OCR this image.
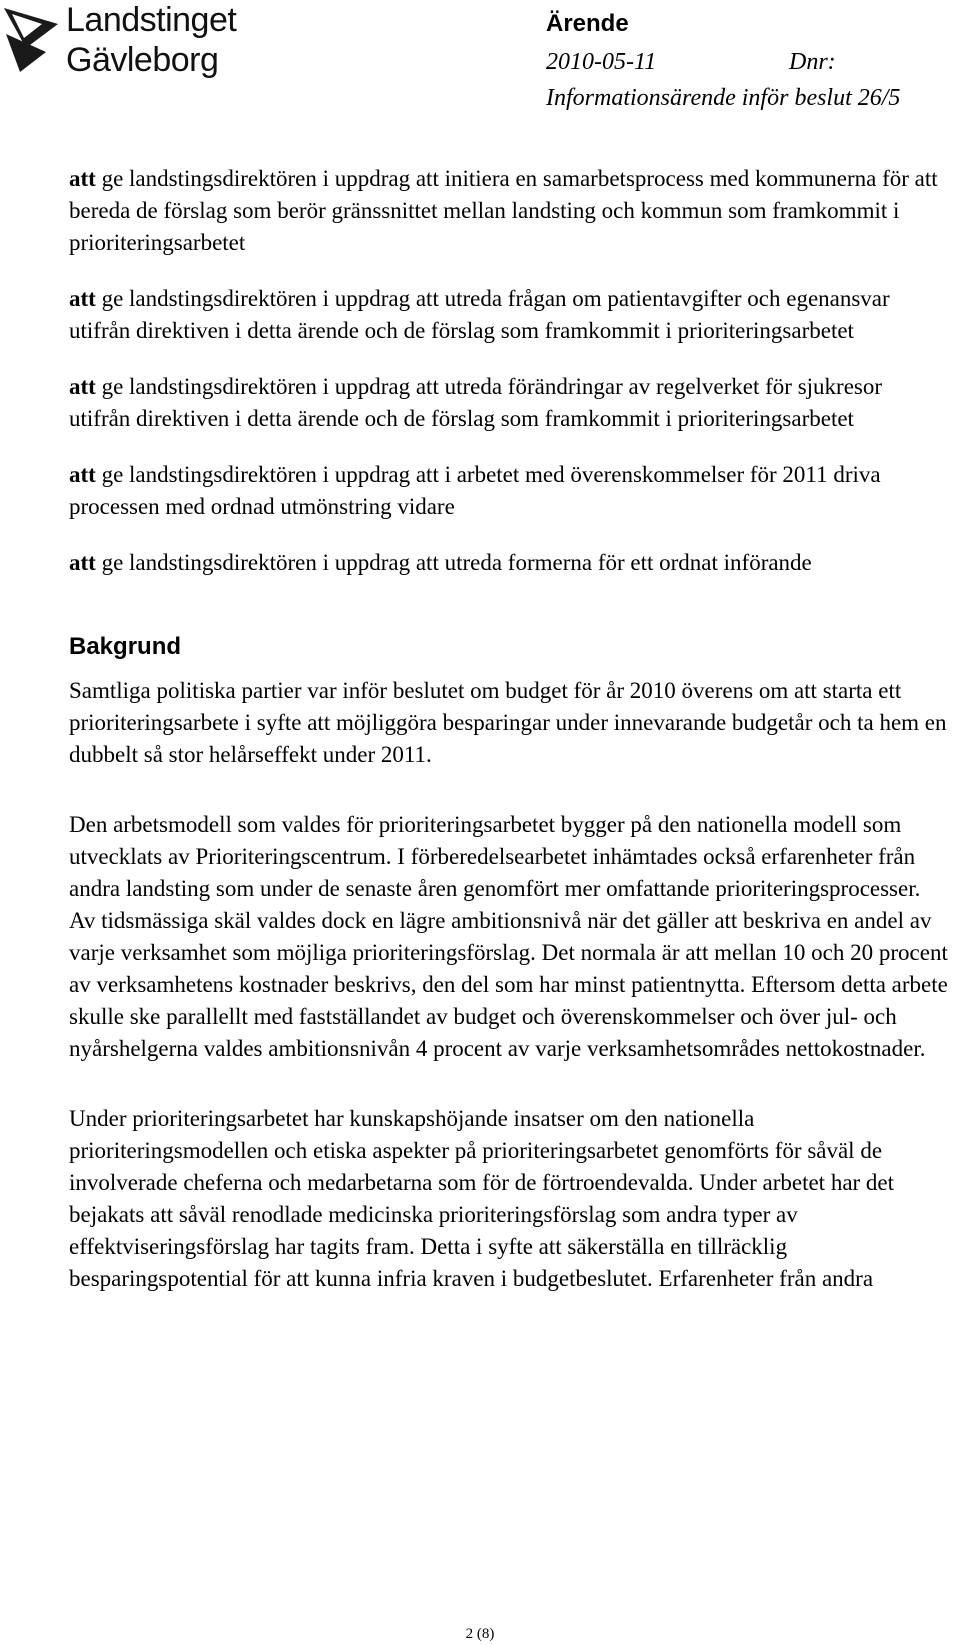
Landstinget
Gävleborg
Ärende
2010-05-11	Dnr:
Informationsärende inför beslut 26/5
att ge landstingsdirektören i uppdrag att initiera en samarbetsprocess med kommunerna för att bereda de förslag som berör gränssnittet mellan landsting och kommun som framkommit i prioriteringsarbetet
att ge landstingsdirektören i uppdrag att utreda frågan om patientavgifter och egenansvar utifrån direktiven i detta ärende och de förslag som framkommit i prioriteringsarbetet
att ge landstingsdirektören i uppdrag att utreda förändringar av regelverket för sjukresor utifrån direktiven i detta ärende och de förslag som framkommit i prioriteringsarbetet
att ge landstingsdirektören i uppdrag att i arbetet med överenskommelser för 2011 driva processen med ordnad utmönstring vidare
att ge landstingsdirektören i uppdrag att utreda formerna för ett ordnat införande
Bakgrund

Samtliga politiska partier var inför beslutet om budget för år 2010 överens om att starta ett prioriteringsarbete i syfte att möjliggöra besparingar under innevarande budgetår och ta hem en dubbelt så stor helårseffekt under 2011.

Den arbetsmodell som valdes för prioriteringsarbetet bygger på den nationella modell som utvecklats av Prioriteringscentrum. I förberedelsearbetet inhämtades också erfarenheter från andra landsting som under de senaste åren genomfört mer omfattande prioriteringsprocesser. Av tidsmässiga skäl valdes dock en lägre ambitionsnivå när det gäller att beskriva en andel av varje verksamhet som möjliga prioriteringsförslag. Det normala är att mellan 10 och 20 procent av verksamhetens kostnader beskrivs, den del som har minst patientnytta. Eftersom detta arbete skulle ske parallellt med fastställandet av budget och överenskommelser och över jul- och nyårshelgerna valdes ambitionsnivån 4 procent av varje verksamhetsområdes nettokostnader.

Under prioriteringsarbetet har kunskapshöjande insatser om den nationella prioriteringsmodellen och etiska aspekter på prioriteringsarbetet genomförts för såväl de involverade cheferna och medarbetarna som för de förtroendevalda. Under arbetet har det bejakats att såväl renodlade medicinska prioriteringsförslag som andra typer av effektviseringsförslag har tagits fram. Detta i syfte att säkerställa en tillräcklig besparingspotential för att kunna infria kraven i budgetbeslutet. Erfarenheter från andra

2 (8)
